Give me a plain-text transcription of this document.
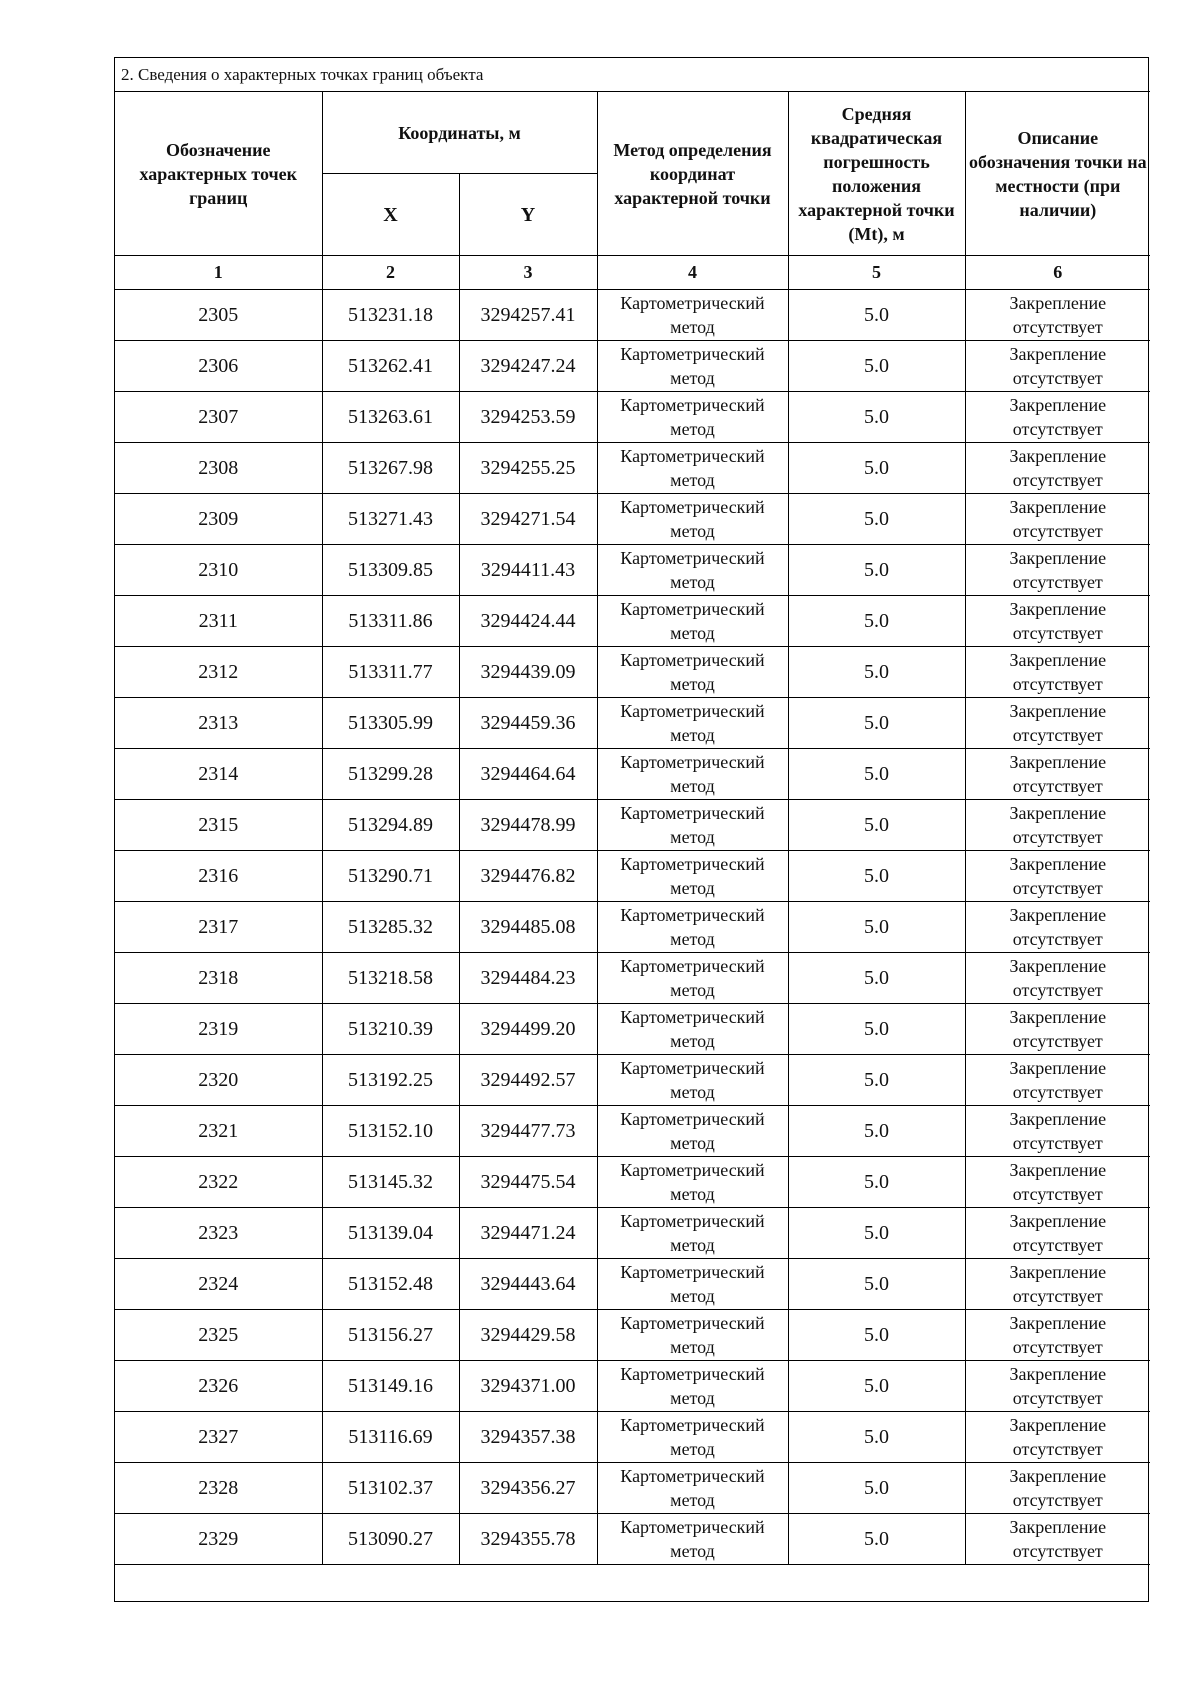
2. Сведения о характерных точках границ объекта					
Обозначение характерных точек границ	Координаты, м		Метод определения координат характерной точки	Средняя квадратическая погрешность положения характерной точки (Mt), м	Описание обозначения точки на местности (при наличии)
	X	Y			
1	2	3	4	5	6
2305	513231.18	3294257.41	Картометрический метод	5.0	Закрепление отсутствует
2306	513262.41	3294247.24	Картометрический метод	5.0	Закрепление отсутствует
2307	513263.61	3294253.59	Картометрический метод	5.0	Закрепление отсутствует
2308	513267.98	3294255.25	Картометрический метод	5.0	Закрепление отсутствует
2309	513271.43	3294271.54	Картометрический метод	5.0	Закрепление отсутствует
2310	513309.85	3294411.43	Картометрический метод	5.0	Закрепление отсутствует
2311	513311.86	3294424.44	Картометрический метод	5.0	Закрепление отсутствует
2312	513311.77	3294439.09	Картометрический метод	5.0	Закрепление отсутствует
2313	513305.99	3294459.36	Картометрический метод	5.0	Закрепление отсутствует
2314	513299.28	3294464.64	Картометрический метод	5.0	Закрепление отсутствует
2315	513294.89	3294478.99	Картометрический метод	5.0	Закрепление отсутствует
2316	513290.71	3294476.82	Картометрический метод	5.0	Закрепление отсутствует
2317	513285.32	3294485.08	Картометрический метод	5.0	Закрепление отсутствует
2318	513218.58	3294484.23	Картометрический метод	5.0	Закрепление отсутствует
2319	513210.39	3294499.20	Картометрический метод	5.0	Закрепление отсутствует
2320	513192.25	3294492.57	Картометрический метод	5.0	Закрепление отсутствует
2321	513152.10	3294477.73	Картометрический метод	5.0	Закрепление отсутствует
2322	513145.32	3294475.54	Картометрический метод	5.0	Закрепление отсутствует
2323	513139.04	3294471.24	Картометрический метод	5.0	Закрепление отсутствует
2324	513152.48	3294443.64	Картометрический метод	5.0	Закрепление отсутствует
2325	513156.27	3294429.58	Картометрический метод	5.0	Закрепление отсутствует
2326	513149.16	3294371.00	Картометрический метод	5.0	Закрепление отсутствует
2327	513116.69	3294357.38	Картометрический метод	5.0	Закрепление отсутствует
2328	513102.37	3294356.27	Картометрический метод	5.0	Закрепление отсутствует
2329	513090.27	3294355.78	Картометрический метод	5.0	Закрепление отсутствует
